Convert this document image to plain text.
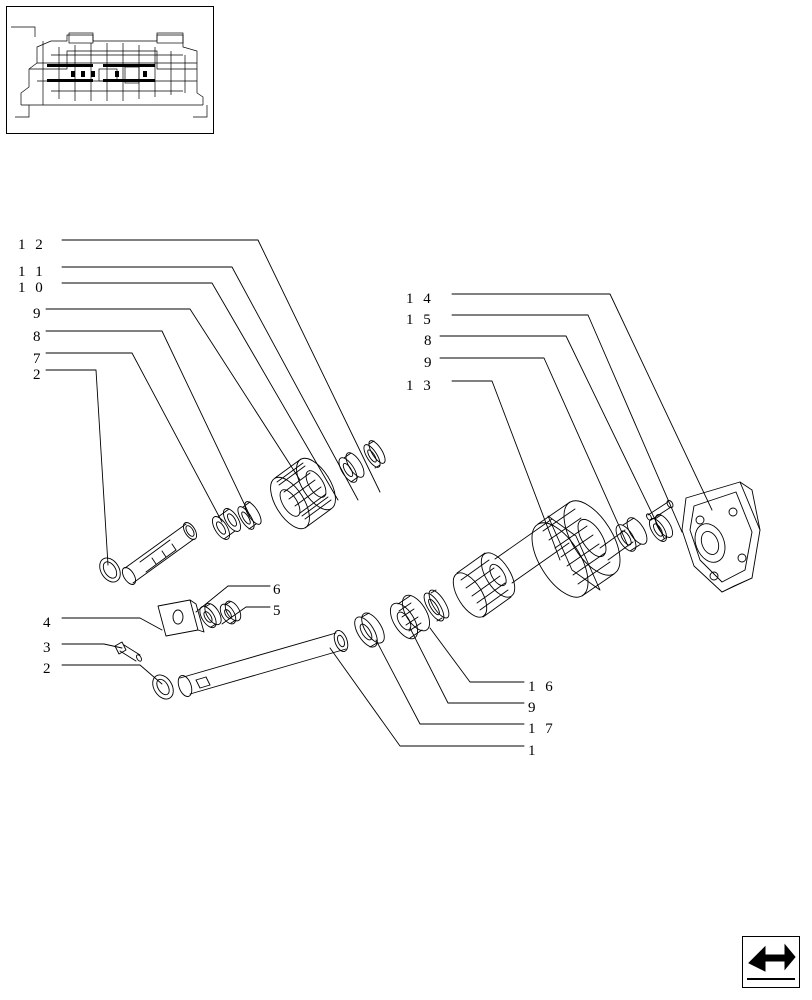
1 2
1 1
1 0
9
8
7
2
1 4
1 5
8
9
1 3
6
5
4
3
2
1 6
9
1 7
1
